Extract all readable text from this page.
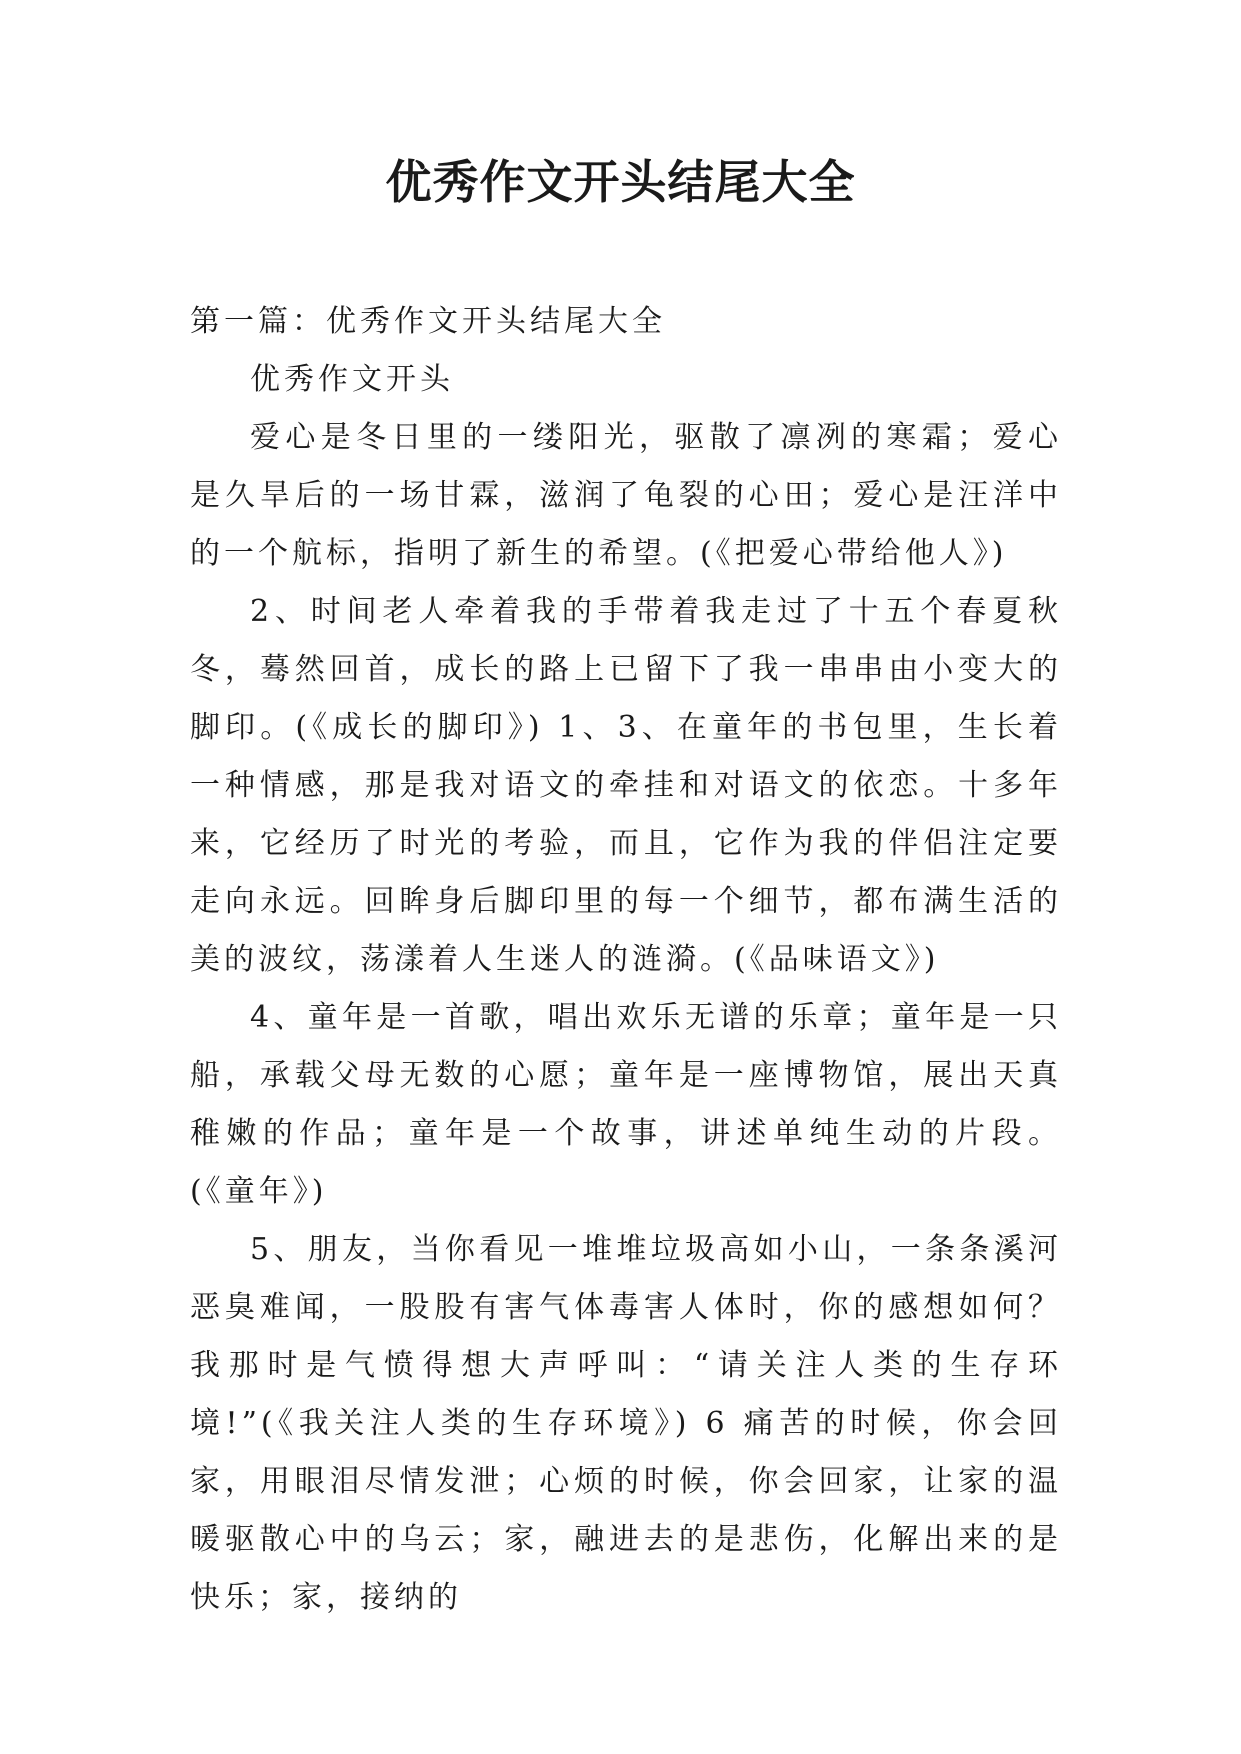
优秀作文开头结尾大全

第一篇：优秀作文开头结尾大全

优秀作文开头

爱心是冬日里的一缕阳光，驱散了凛冽的寒霜；爱心是久旱后的一场甘霖，滋润了龟裂的心田；爱心是汪洋中的一个航标，指明了新生的希望。(《把爱心带给他人》)

2、时间老人牵着我的手带着我走过了十五个春夏秋冬，蓦然回首，成长的路上已留下了我一串串由小变大的脚印。(《成长的脚印》) 1、3、在童年的书包里，生长着一种情感，那是我对语文的牵挂和对语文的依恋。十多年来，它经历了时光的考验，而且，它作为我的伴侣注定要走向永远。回眸身后脚印里的每一个细节，都布满生活的美的波纹，荡漾着人生迷人的涟漪。(《品味语文》)

4、童年是一首歌，唱出欢乐无谱的乐章；童年是一只船，承载父母无数的心愿；童年是一座博物馆，展出天真稚嫩的作品；童年是一个故事，讲述单纯生动的片段。(《童年》)

5、朋友，当你看见一堆堆垃圾高如小山，一条条溪河恶臭难闻，一股股有害气体毒害人体时，你的感想如何？我那时是气愤得想大声呼叫：“请关注人类的生存环境!”(《我关注人类的生存环境》) 6 痛苦的时候，你会回家，用眼泪尽情发泄；心烦的时候，你会回家，让家的温暖驱散心中的乌云；家，融进去的是悲伤，化解出来的是快乐；家，接纳的
